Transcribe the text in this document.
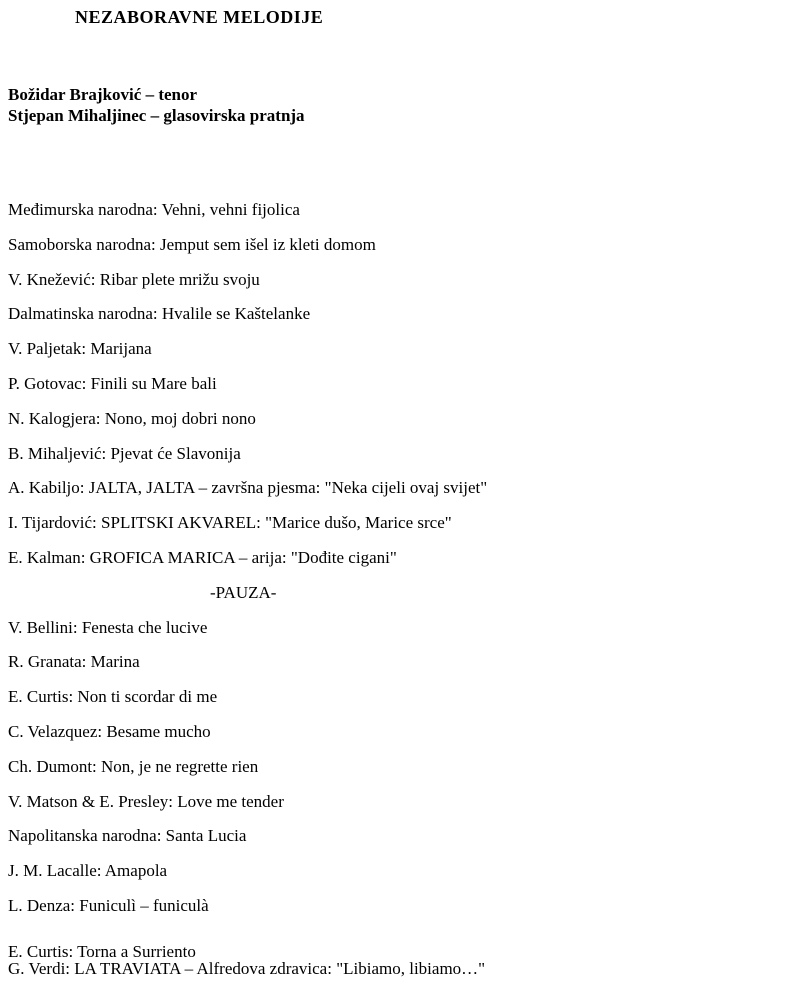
NEZABORAVNE MELODIJE
Božidar Brajković – tenor
Stjepan Mihaljinec – glasovirska pratnja
Međimurska narodna: Vehni, vehni fijolica
Samoborska narodna: Jemput sem išel iz kleti domom
V. Knežević: Ribar plete mrižu svoju
Dalmatinska narodna: Hvalile se Kaštelanke
V. Paljetak: Marijana
P. Gotovac: Finili su Mare bali
N. Kalogjera: Nono, moj dobri nono
B. Mihaljević: Pjevat će Slavonija
A. Kabiljo: JALTA, JALTA – završna pjesma: "Neka cijeli ovaj svijet"
I. Tijardović: SPLITSKI AKVAREL: "Marice dušo, Marice srce"
E. Kalman: GROFICA MARICA – arija: "Dođite cigani"
-PAUZA-
V. Bellini: Fenesta che lucive
R. Granata: Marina
E. Curtis: Non ti scordar di me
C. Velazquez: Besame mucho
Ch. Dumont: Non, je ne regrette rien
V. Matson & E. Presley: Love me tender
Napolitanska narodna: Santa Lucia
J. M. Lacalle: Amapola
L. Denza: Funiculì – funiculà
E. Curtis: Torna a Surriento
G. Verdi: LA TRAVIATA – Alfredova zdravica: "Libiamo, libiamo…"
